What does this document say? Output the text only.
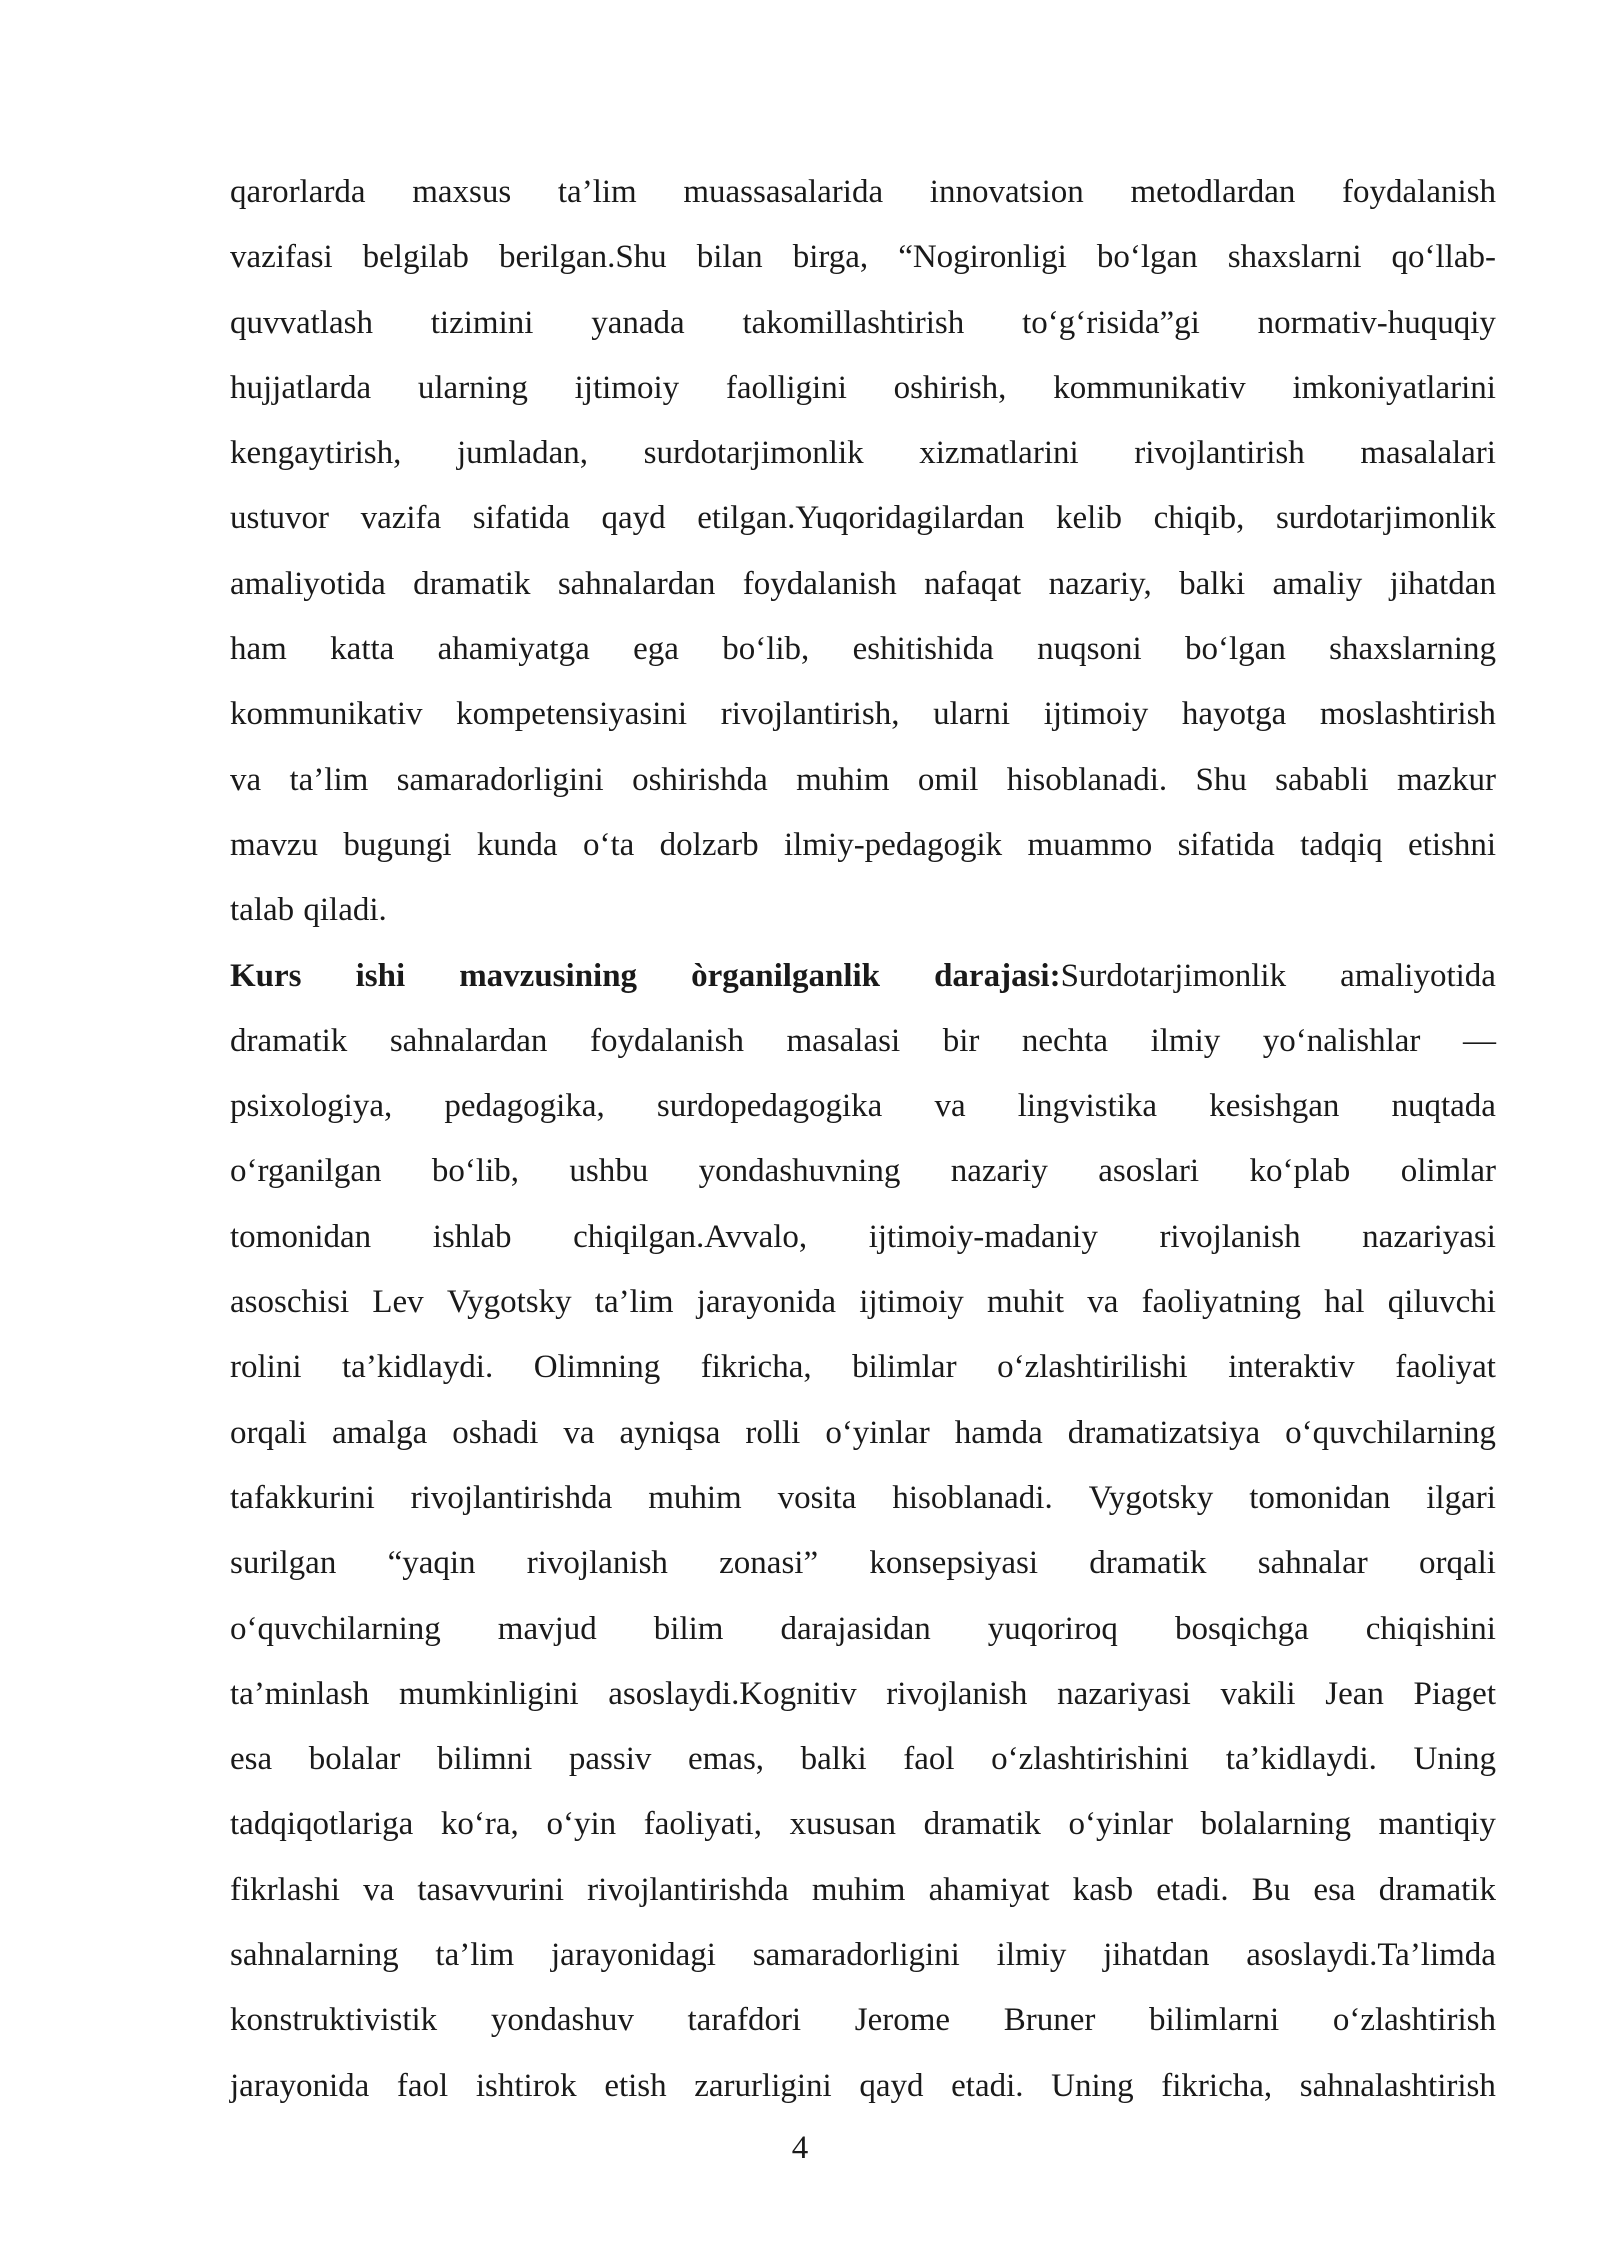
qarorlarda maxsus ta’lim muassasalarida innovatsion metodlardan foydalanish
vazifasi belgilab berilgan.Shu bilan birga, “Nogironligi bo‘lgan shaxslarni qo‘llab-
quvvatlash tizimini yanada takomillashtirish to‘g‘risida”gi normativ-huquqiy
hujjatlarda ularning ijtimoiy faolligini oshirish, kommunikativ imkoniyatlarini
kengaytirish, jumladan, surdotarjimonlik xizmatlarini rivojlantirish masalalari
ustuvor vazifa sifatida qayd etilgan.Yuqoridagilardan kelib chiqib, surdotarjimonlik
amaliyotida dramatik sahnalardan foydalanish nafaqat nazariy, balki amaliy jihatdan
ham katta ahamiyatga ega bo‘lib, eshitishida nuqsoni bo‘lgan shaxslarning
kommunikativ kompetensiyasini rivojlantirish, ularni ijtimoiy hayotga moslashtirish
va ta’lim samaradorligini oshirishda muhim omil hisoblanadi. Shu sababli mazkur
mavzu bugungi kunda o‘ta dolzarb ilmiy-pedagogik muammo sifatida tadqiq etishni
talab qiladi.
Kurs ishi mavzusining òrganilganlik darajasi:Surdotarjimonlik amaliyotida
dramatik sahnalardan foydalanish masalasi bir nechta ilmiy yo‘nalishlar —
psixologiya, pedagogika, surdopedagogika va lingvistika kesishgan nuqtada
o‘rganilgan bo‘lib, ushbu yondashuvning nazariy asoslari ko‘plab olimlar
tomonidan ishlab chiqilgan.Avvalo, ijtimoiy-madaniy rivojlanish nazariyasi
asoschisi Lev Vygotsky ta’lim jarayonida ijtimoiy muhit va faoliyatning hal qiluvchi
rolini ta’kidlaydi. Olimning fikricha, bilimlar o‘zlashtirilishi interaktiv faoliyat
orqali amalga oshadi va ayniqsa rolli o‘yinlar hamda dramatizatsiya o‘quvchilarning
tafakkurini rivojlantirishda muhim vosita hisoblanadi. Vygotsky tomonidan ilgari
surilgan “yaqin rivojlanish zonasi” konsepsiyasi dramatik sahnalar orqali
o‘quvchilarning mavjud bilim darajasidan yuqoriroq bosqichga chiqishini
ta’minlash mumkinligini asoslaydi.Kognitiv rivojlanish nazariyasi vakili Jean Piaget
esa bolalar bilimni passiv emas, balki faol o‘zlashtirishini ta’kidlaydi. Uning
tadqiqotlariga ko‘ra, o‘yin faoliyati, xususan dramatik o‘yinlar bolalarning mantiqiy
fikrlashi va tasavvurini rivojlantirishda muhim ahamiyat kasb etadi. Bu esa dramatik
sahnalarning ta’lim jarayonidagi samaradorligini ilmiy jihatdan asoslaydi.Ta’limda
konstruktivistik yondashuv tarafdori Jerome Bruner bilimlarni o‘zlashtirish
jarayonida faol ishtirok etish zarurligini qayd etadi. Uning fikricha, sahnalashtirish
4
